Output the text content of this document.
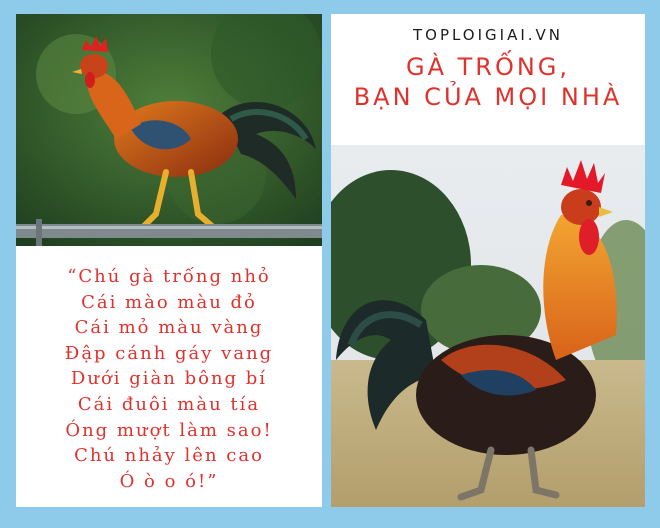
TOPLOIGIAI.VN
GÀ TRỐNG,
BẠN CỦA MỌI NHÀ
“Chú gà trống nhỏ
Cái mào màu đỏ
Cái mỏ màu vàng
Đập cánh gáy vang
Dưới giàn bông bí
Cái đuôi màu tía
Óng mượt làm sao!
Chú nhảy lên cao
Ó ò o ó!”
